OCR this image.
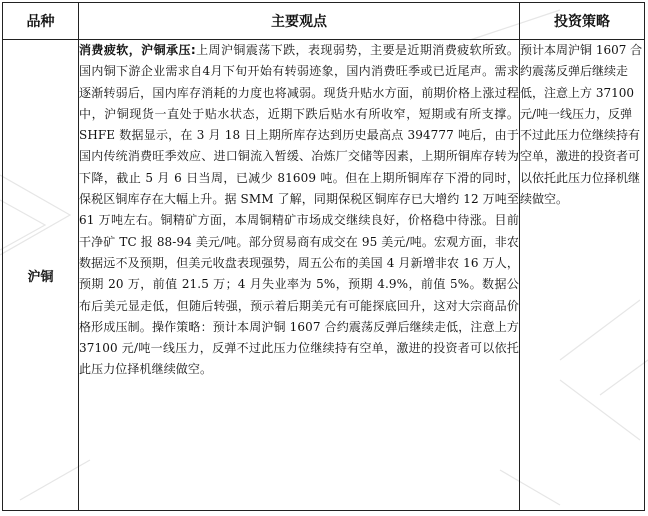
品种	主要观点	投资策略
沪铜	消费疲软，沪铜承压:上周沪铜震荡下跌，表现弱势，主要是近期消费疲软所致。国内铜下游企业需求自4月下旬开始有转弱迹象，国内消费旺季或已近尾声。需求逐渐转弱后，国内库存消耗的力度也将减弱。现货升贴水方面，前期价格上涨过程中，沪铜现货一直处于贴水状态，近期下跌后贴水有所收窄，短期或有所支撑。SHFE 数据显示，在 3 月 18 日上期所库存达到历史最高点 394777 吨后，由于国内传统消费旺季效应、进口铜流入暂缓、冶炼厂交储等因素，上期所铜库存转为下降，截止 5 月 6 日当周，已减少 81609 吨。但在上期所铜库存下滑的同时，保税区铜库存在大幅上升。据 SMM 了解，同期保税区铜库存已大增约 12 万吨至 61 万吨左右。铜精矿方面，本周铜精矿市场成交继续良好，价格稳中待涨。目前干净矿 TC 报 88-94 美元/吨。部分贸易商有成交在 95 美元/吨。宏观方面，非农数据远不及预期，但美元收盘表现强势，周五公布的美国 4 月新增非农 16 万人，预期 20 万，前值 21.5 万；4 月失业率为 5%，预期 4.9%，前值 5%。数据公布后美元显走低，但随后转强，预示着后期美元有可能探底回升，这对大宗商品价格形成压制。操作策略：预计本周沪铜 1607 合约震荡反弹后继续走低，注意上方 37100 元/吨一线压力，反弹不过此压力位继续持有空单，激进的投资者可以依托此压力位择机继续做空。	预计本周沪铜 1607 合约震荡反弹后继续走低，注意上方 37100 元/吨一线压力，反弹不过此压力位继续持有空单，激进的投资者可以依托此压力位择机继续做空。
